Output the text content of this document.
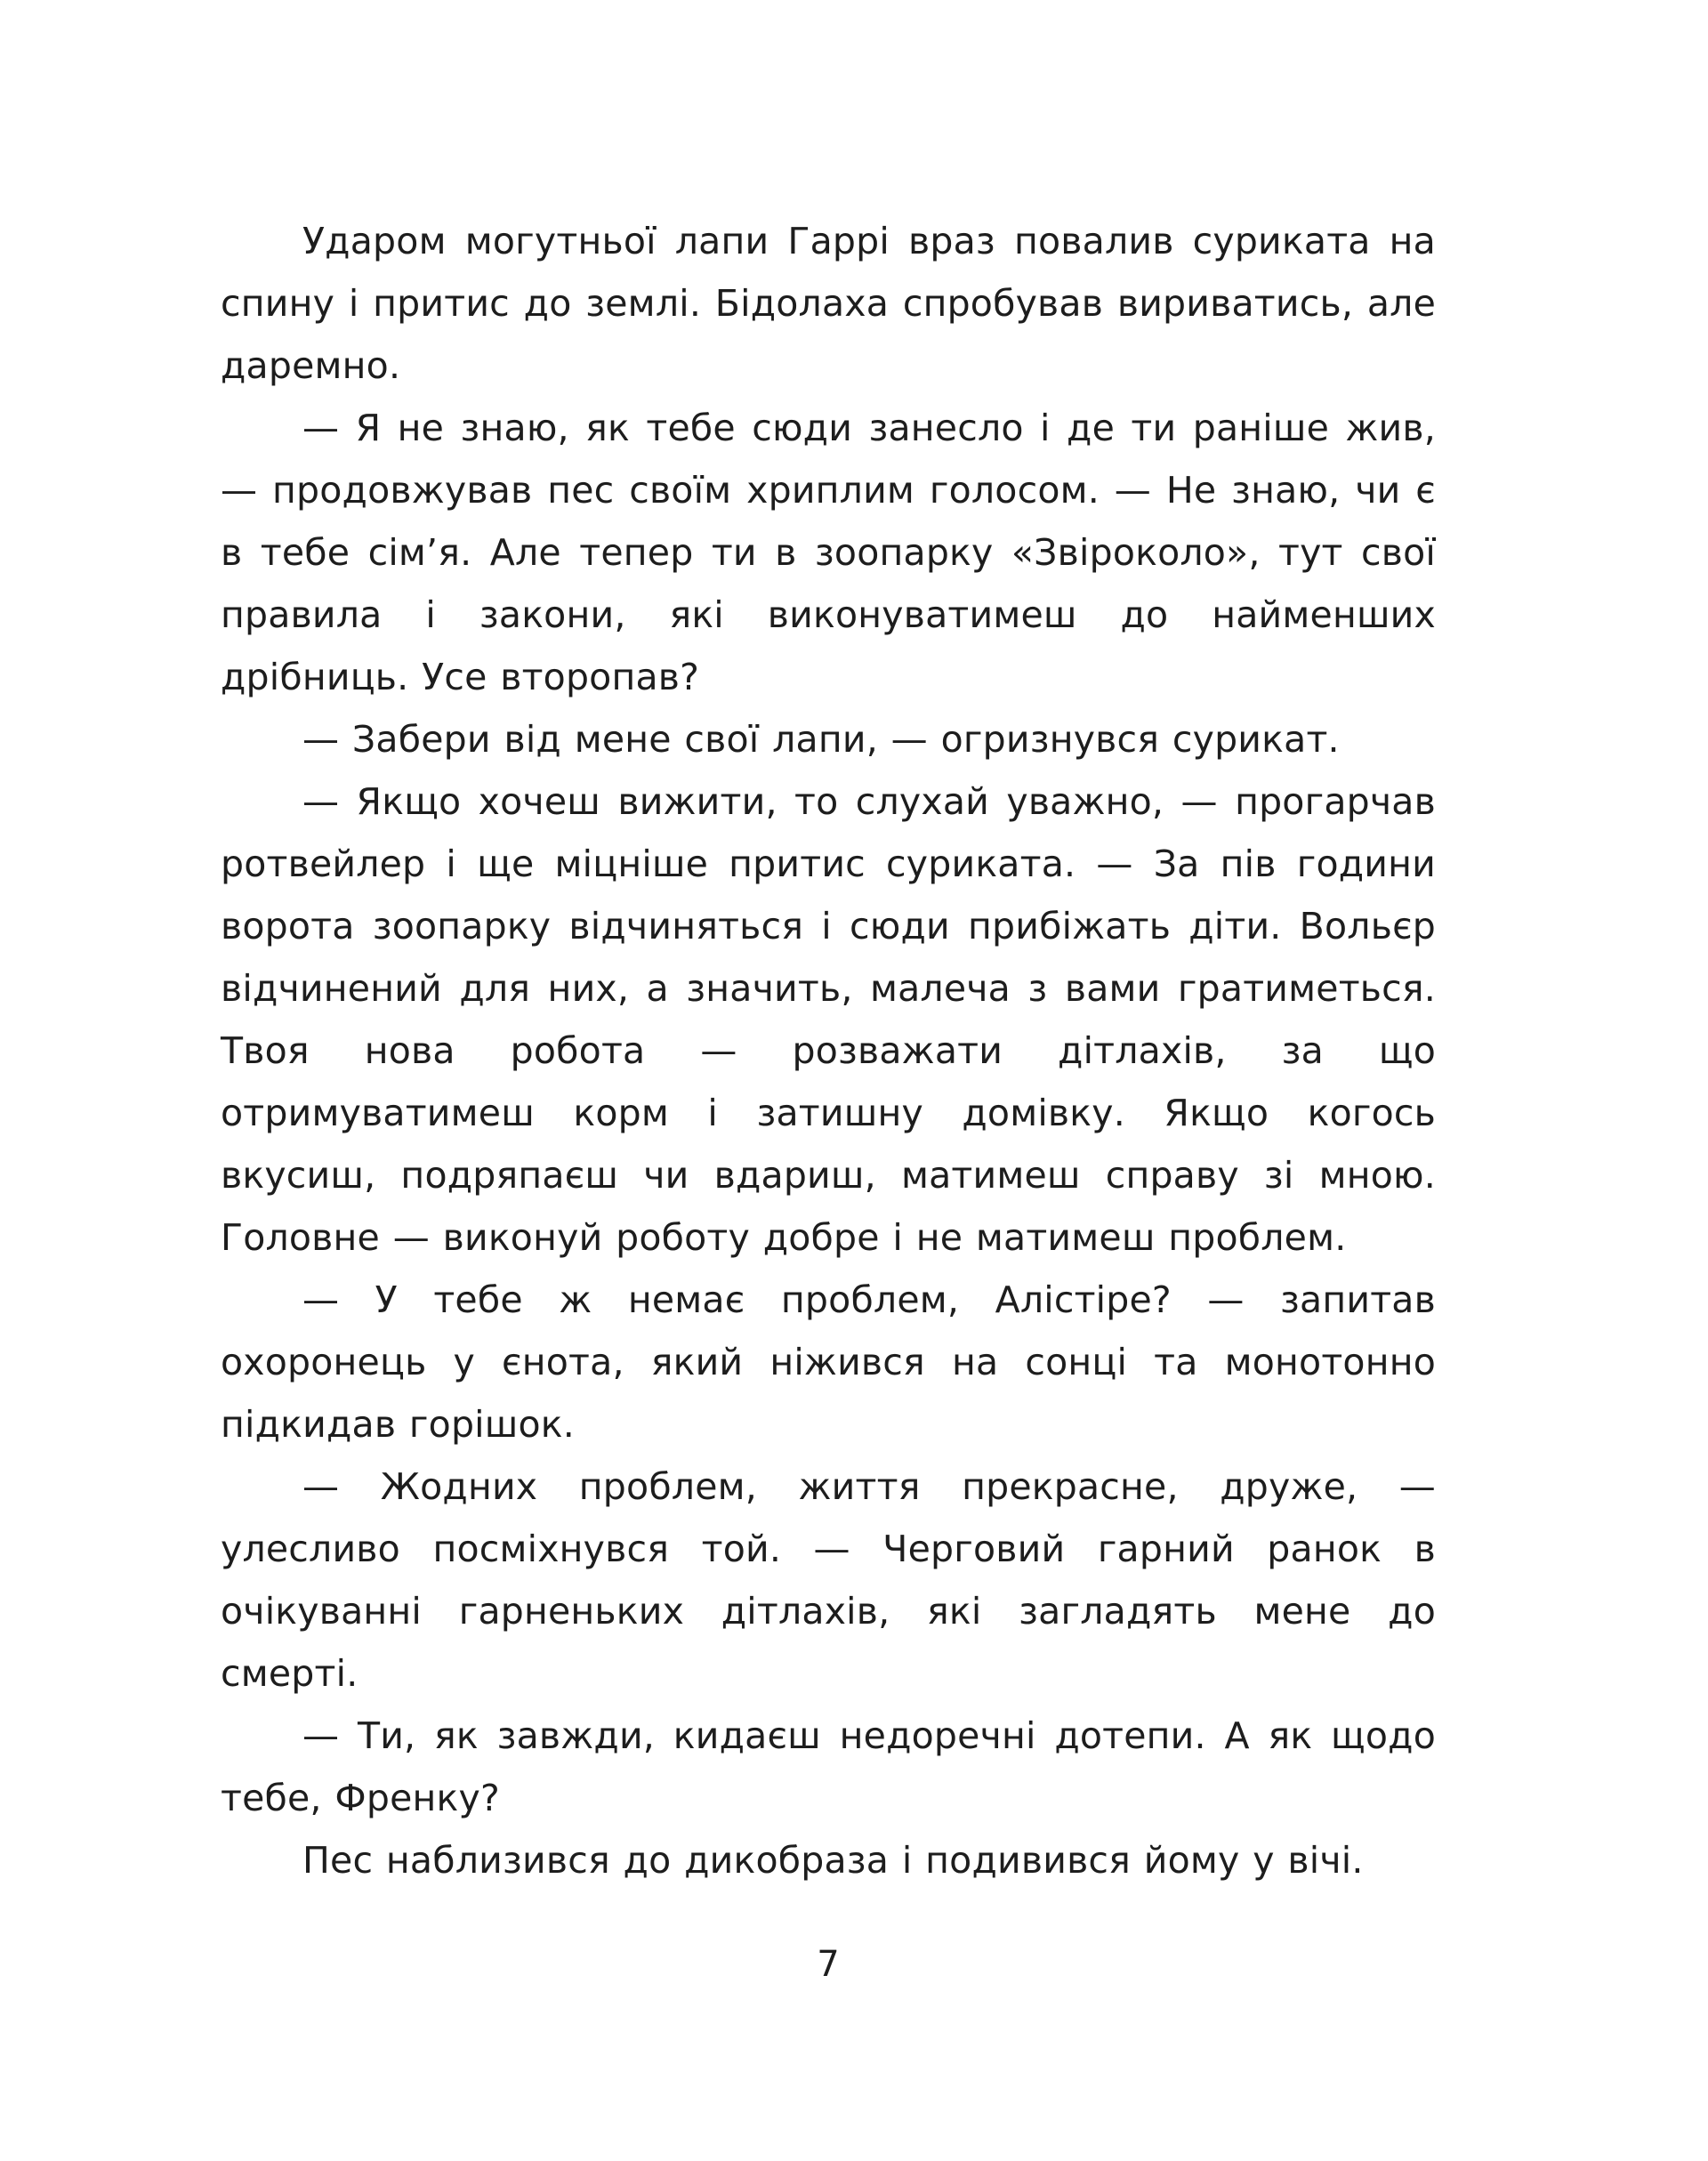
Ударом могутньої лапи Гаррі враз повалив суриката на спину і притис до землі. Бідолаха спробував вириватись, але даремно.

— Я не знаю, як тебе сюди занесло і де ти раніше жив, — продовжував пес своїм хриплим голосом. — Не знаю, чи є в тебе сім’я. Але тепер ти в зоопарку «Звіроколо», тут свої правила і закони, які виконуватимеш до найменших дрібниць. Усе второпав?

— Забери від мене свої лапи, — огризнувся сурикат.

— Якщо хочеш вижити, то слухай уважно, — прогарчав ротвейлер і ще міцніше притис суриката. — За пів години ворота зоопарку відчиняться і сюди прибіжать діти. Вольєр відчинений для них, а значить, малеча з вами гратиметься. Твоя нова робота — розважати дітлахів, за що отримуватимеш корм і затишну домівку. Якщо когось вкусиш, подряпаєш чи вдариш, матимеш справу зі мною. Головне — виконуй роботу добре і не матимеш проблем.

— У тебе ж немає проблем, Алістіре? — запитав охоронець у єнота, який ніжився на сонці та монотонно підкидав горішок.

— Жодних проблем, життя прекрасне, друже, — улесливо посміхнувся той. — Черговий гарний ранок в очікуванні гарненьких дітлахів, які загладять мене до смерті.

— Ти, як завжди, кидаєш недоречні дотепи. А як щодо тебе, Френку?

Пес наблизився до дикобраза і подивився йому у вічі.

7
